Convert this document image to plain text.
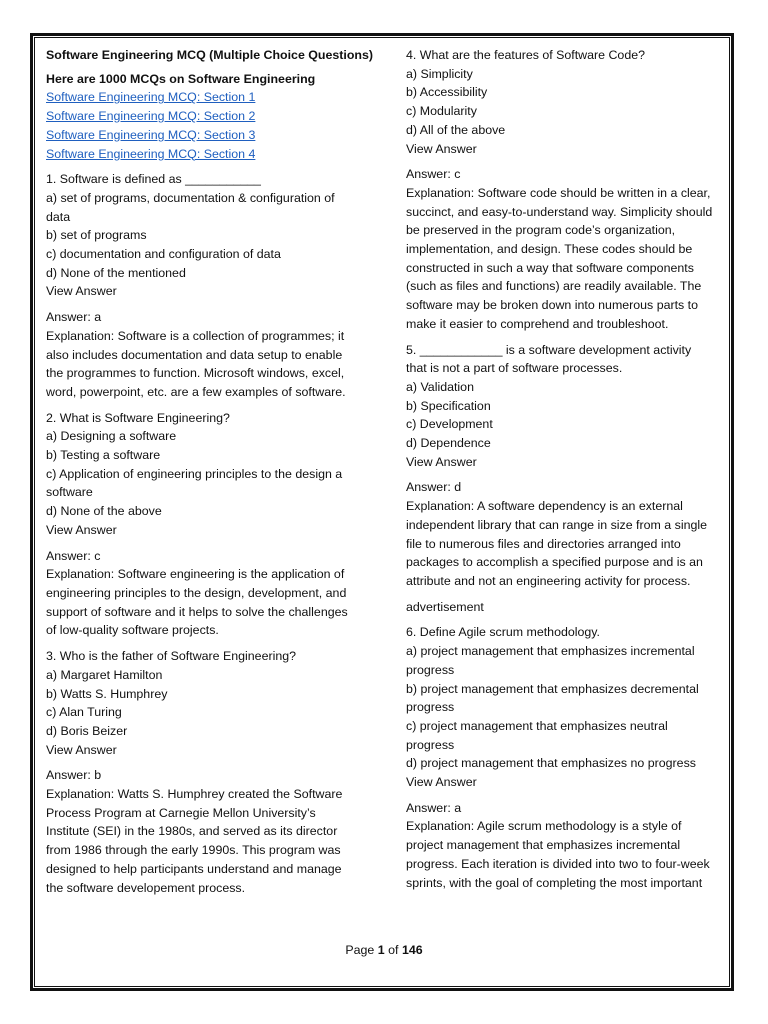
Software Engineering MCQ (Multiple Choice Questions)
Here are 1000 MCQs on Software Engineering
Software Engineering MCQ: Section 1
Software Engineering MCQ: Section 2
Software Engineering MCQ: Section 3
Software Engineering MCQ: Section 4
1. Software is defined as ___________
a) set of programs, documentation & configuration of
data
b) set of programs
c) documentation and configuration of data
d) None of the mentioned
View Answer
Answer: a
Explanation: Software is a collection of programmes; it
also includes documentation and data setup to enable
the programmes to function. Microsoft windows, excel,
word, powerpoint, etc. are a few examples of software.
2. What is Software Engineering?
a) Designing a software
b) Testing a software
c) Application of engineering principles to the design a
software
d) None of the above
View Answer
Answer: c
Explanation: Software engineering is the application of
engineering principles to the design, development, and
support of software and it helps to solve the challenges
of low-quality software projects.
3. Who is the father of Software Engineering?
a) Margaret Hamilton
b) Watts S. Humphrey
c) Alan Turing
d) Boris Beizer
View Answer
Answer: b
Explanation: Watts S. Humphrey created the Software
Process Program at Carnegie Mellon University’s
Institute (SEI) in the 1980s, and served as its director
from 1986 through the early 1990s. This program was
designed to help participants understand and manage
the software developement process.
4. What are the features of Software Code?
a) Simplicity
b) Accessibility
c) Modularity
d) All of the above
View Answer
Answer: c
Explanation: Software code should be written in a clear,
succinct, and easy-to-understand way. Simplicity should
be preserved in the program code’s organization,
implementation, and design. These codes should be
constructed in such a way that software components
(such as files and functions) are readily available. The
software may be broken down into numerous parts to
make it easier to comprehend and troubleshoot.
5. ____________ is a software development activity
that is not a part of software processes.
a) Validation
b) Specification
c) Development
d) Dependence
View Answer
Answer: d
Explanation: A software dependency is an external
independent library that can range in size from a single
file to numerous files and directories arranged into
packages to accomplish a specified purpose and is an
attribute and not an engineering activity for process.
advertisement
6. Define Agile scrum methodology.
a) project management that emphasizes incremental
progress
b) project management that emphasizes decremental
progress
c) project management that emphasizes neutral
progress
d) project management that emphasizes no progress
View Answer
Answer: a
Explanation: Agile scrum methodology is a style of
project management that emphasizes incremental
progress. Each iteration is divided into two to four-week
sprints, with the goal of completing the most important
Page 1 of 146
